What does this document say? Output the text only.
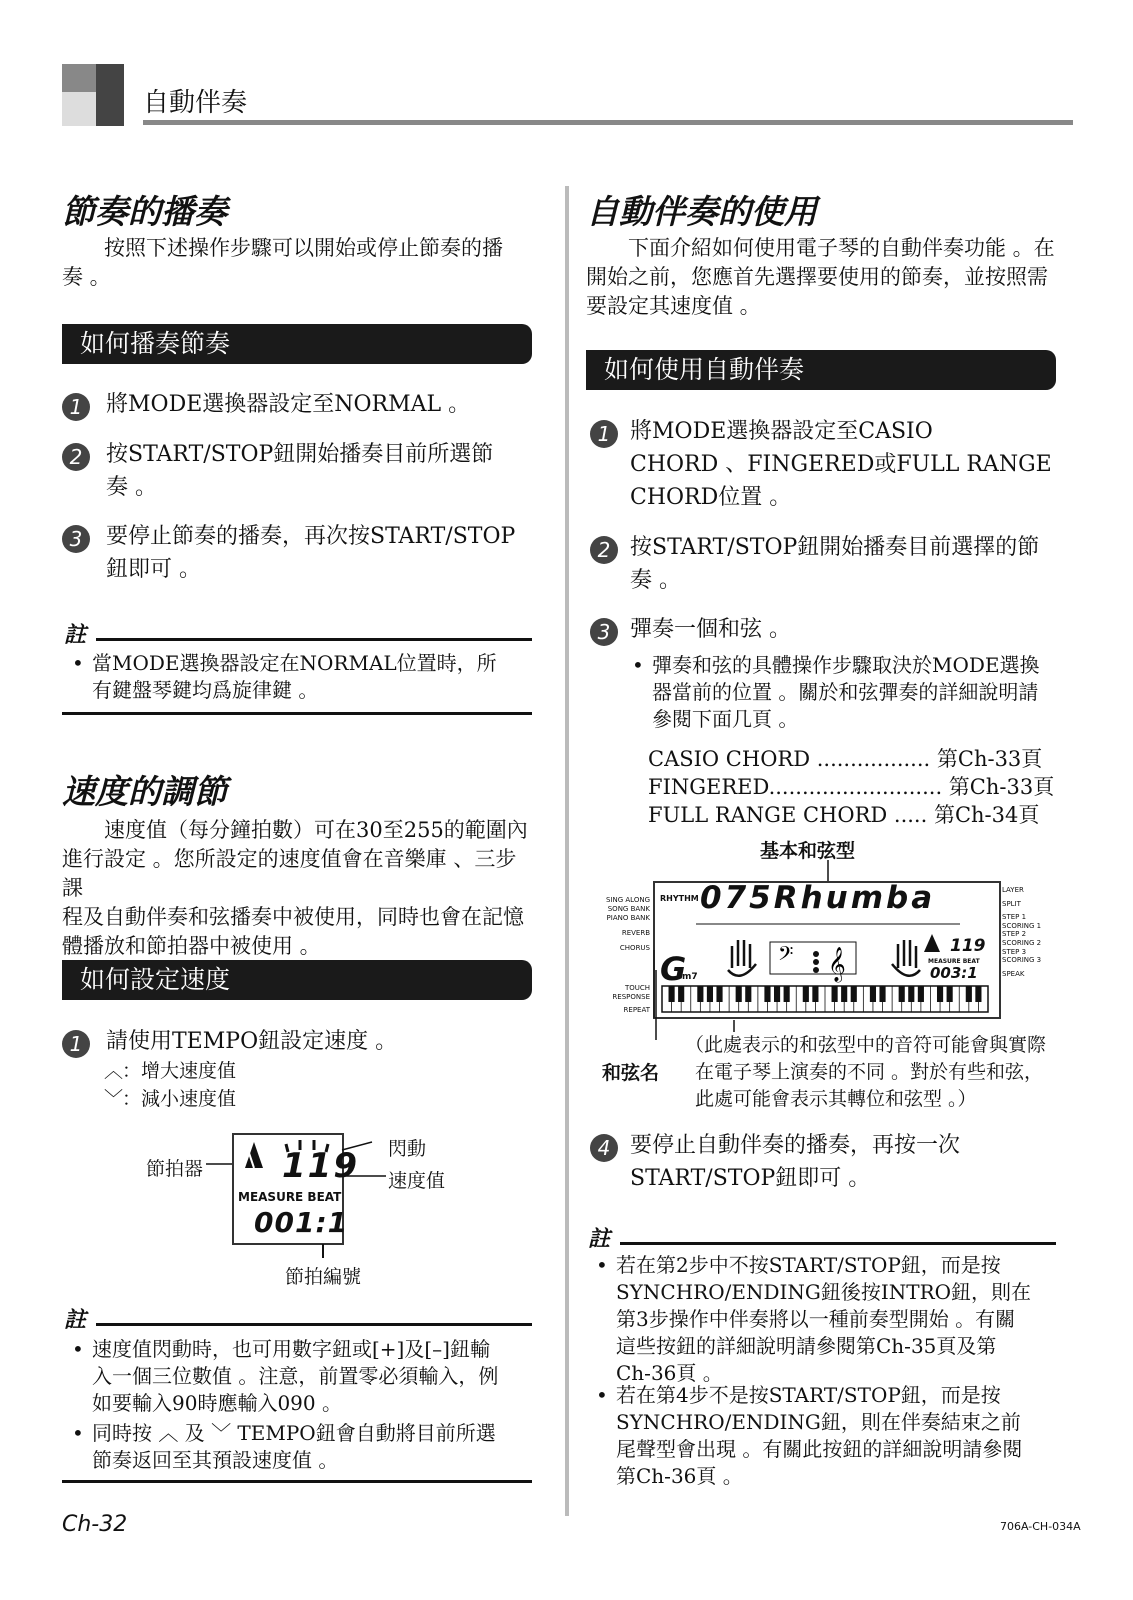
自動伴奏
節奏的播奏
按照下述操作步驟可以開始或停止節奏的播
奏 。
如何播奏節奏
1	將MODE選換器設定至NORMAL 。
2	按START/STOP鈕開始播奏目前所選節
奏 。
3	要停止節奏的播奏，再次按START/STOP
鈕即可 。
註
• 當MODE選換器設定在NORMAL位置時，所
有鍵盤琴鍵均爲旋律鍵 。
速度的調節
速度值（每分鐘拍數）可在30至255的範圍內
進行設定 。您所設定的速度值會在音樂庫 、三步課
程及自動伴奏和弦播奏中被使用，同時也會在記憶
體播放和節拍器中被使用 。
如何設定速度
1	請使用TEMPO鈕設定速度 。
︿：增大速度值
﹀：減小速度值
節拍器
閃動
速度值
節拍編號
119
MEASURE BEAT
001:1
註
• 速度值閃動時，也可用數字鈕或[+]及[–]鈕輸
入一個三位數值 。注意，前置零必須輸入，例
如要輸入90時應輸入090 。
• 同時按 ︿ 及 ﹀ TEMPO鈕會自動將目前所選
節奏返回至其預設速度值 。
自動伴奏的使用
下面介紹如何使用電子琴的自動伴奏功能 。在
開始之前，您應首先選擇要使用的節奏，並按照需
要設定其速度值 。
如何使用自動伴奏
1 將MODE選換器設定至CASIO
CHORD 、FINGERED或FULL RANGE
CHORD位置 。
2 按START/STOP鈕開始播奏目前選擇的節
奏 。
3 彈奏一個和弦 。
• 彈奏和弦的具體操作步驟取決於MODE選換
器當前的位置 。關於和弦彈奏的詳細說明請
參閱下面几頁 。
CASIO CHORD ................. 第Ch-33頁
FINGERED.......................... 第Ch-33頁
FULL RANGE CHORD ..... 第Ch-34頁
基本和弦型
𝄢 𝄞
SING ALONG
SONG BANK
PIANO BANK
REVERB
CHORUS
TOUCH
RESPONSE
REPEAT
LAYER
SPLIT
STEP 1
SCORING 1
STEP 2
SCORING 2
STEP 3
SCORING 3
SPEAK
RHYTHM 075Rhumba
G
m7
119
MEASURE BEAT
003:1
和弦名
（此處表示的和弦型中的音符可能會與實際
在電子琴上演奏的不同 。對於有些和弦，
此處可能會表示其轉位和弦型 。）
4 要停止自動伴奏的播奏，再按一次
START/STOP鈕即可 。
註
• 若在第2步中不按START/STOP鈕，而是按
SYNCHRO/ENDING鈕後按INTRO鈕，則在
第3步操作中伴奏將以一種前奏型開始 。有關
這些按鈕的詳細說明請參閱第Ch-35頁及第
Ch-36頁 。
• 若在第4步不是按START/STOP鈕，而是按
SYNCHRO/ENDING鈕，則在伴奏結束之前
尾聲型會出現 。有關此按鈕的詳細說明請參閱
第Ch-36頁 。
Ch-32	706A-CH-034A
